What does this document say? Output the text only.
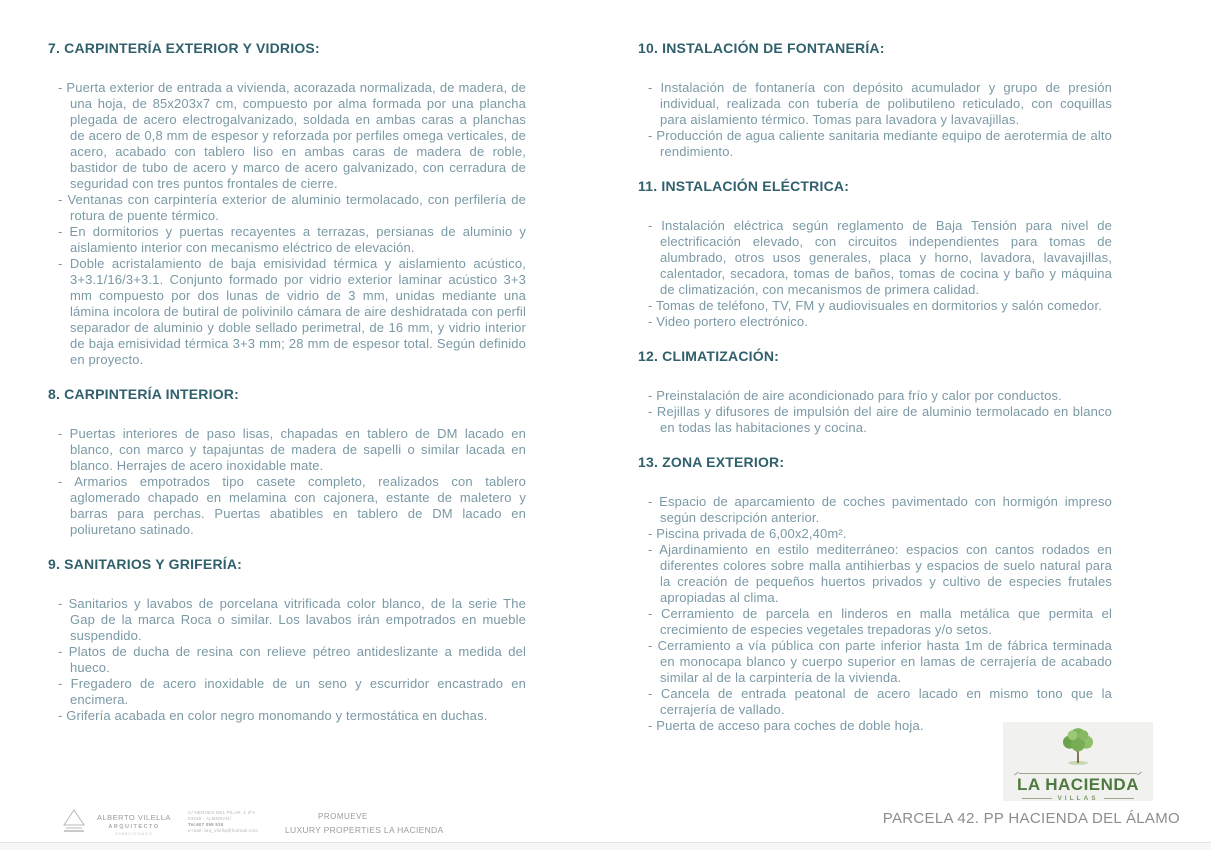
7. CARPINTERÍA EXTERIOR Y VIDRIOS:
- Puerta exterior de entrada a vivienda, acorazada normalizada, de madera, de una hoja, de 85x203x7 cm, compuesto por alma formada por una plancha plegada de acero electrogalvanizado, soldada en ambas caras a planchas de acero de 0,8 mm de espesor y reforzada por perfiles omega verticales, de acero, acabado con tablero liso en ambas caras de madera de roble, bastidor de tubo de acero y marco de acero galvanizado, con cerradura de seguridad con tres puntos frontales de cierre.
- Ventanas con carpintería exterior de aluminio termolacado, con perfilería de rotura de puente térmico.
- En dormitorios y puertas recayentes a terrazas, persianas de aluminio y aislamiento interior con mecanismo eléctrico de elevación.
- Doble acristalamiento de baja emisividad térmica y aislamiento acústico, 3+3.1/16/3+3.1. Conjunto formado por vidrio exterior laminar acústico 3+3 mm compuesto por dos lunas de vidrio de 3 mm, unidas mediante una lámina incolora de butiral de polivinilo cámara de aire deshidratada con perfil separador de aluminio y doble sellado perimetral, de 16 mm, y vidrio interior de baja emisividad térmica 3+3 mm; 28 mm de espesor total. Según definido en proyecto.
8. CARPINTERÍA INTERIOR:
- Puertas interiores de paso lisas, chapadas en tablero de DM lacado en blanco, con marco y tapajuntas de madera de sapelli o similar lacada en blanco. Herrajes de acero inoxidable mate.
- Armarios empotrados tipo casete completo, realizados con tablero aglomerado chapado en melamina con cajonera, estante de maletero y barras para perchas. Puertas abatibles en tablero de DM lacado en poliuretano satinado.
9. SANITARIOS Y GRIFERÍA:
- Sanitarios y lavabos de porcelana vitrificada color blanco, de la serie The Gap de la marca Roca o similar. Los lavabos irán empotrados en mueble suspendido.
- Platos de ducha de resina con relieve pétreo antideslizante a medida del hueco.
- Fregadero de acero inoxidable de un seno y escurridor encastrado en encimera.
- Grifería acabada en color negro monomando y termostática en duchas.
10. INSTALACIÓN DE FONTANERÍA:
- Instalación de fontanería con depósito acumulador y grupo de presión individual, realizada con tubería de polibutileno reticulado, con coquillas para aislamiento térmico. Tomas para lavadora y lavavajillas.
- Producción de agua caliente sanitaria mediante equipo de aerotermia de alto rendimiento.
11. INSTALACIÓN ELÉCTRICA:
- Instalación eléctrica según reglamento de Baja Tensión para nivel de electrificación elevado, con circuitos independientes para tomas de alumbrado, otros usos generales, placa y horno, lavadora, lavavajillas, calentador, secadora, tomas de baños, tomas de cocina y baño y máquina de climatización, con mecanismos de primera calidad.
- Tomas de teléfono, TV, FM y audiovisuales en dormitorios y salón comedor.
- Video portero electrónico.
12. CLIMATIZACIÓN:
- Preinstalación de aire acondicionado para frío y calor por conductos.
- Rejillas y difusores de impulsión del aire de aluminio termolacado en blanco en todas las habitaciones y cocina.
13. ZONA EXTERIOR:
- Espacio de aparcamiento de coches pavimentado con hormigón impreso según descripción anterior.
- Piscina privada de 6,00x2,40m².
- Ajardinamiento en estilo mediterráneo: espacios con cantos rodados en diferentes colores sobre malla antihierbas y espacios de suelo natural para la creación de pequeños huertos privados y cultivo de especies frutales apropiadas al clima.
- Cerramiento de parcela en linderos en malla metálica que permita el crecimiento de especies vegetales trepadoras y/o setos.
- Cerramiento a vía pública con parte inferior hasta 1m de fábrica terminada en monocapa blanco y cuerpo superior en lamas de cerrajería de acabado similar al de la carpintería de la vivienda.
- Cancela de entrada peatonal de acero lacado en mismo tono que la cerrajería de vallado.
- Puerta de acceso para coches de doble hoja.
LA HACIENDA
VILLAS
ALBERTO VILELLA
ARQUITECTO
09851/COACV
C/ HEROES DEL PILAR, 1 3ºA
03160 - ALMORADÍ
Tel.607 059 519
e-mail: arq_vilella@hotmail.com
PROMUEVE
LUXURY PROPERTIES LA HACIENDA
PARCELA 42. PP HACIENDA DEL ÁLAMO
